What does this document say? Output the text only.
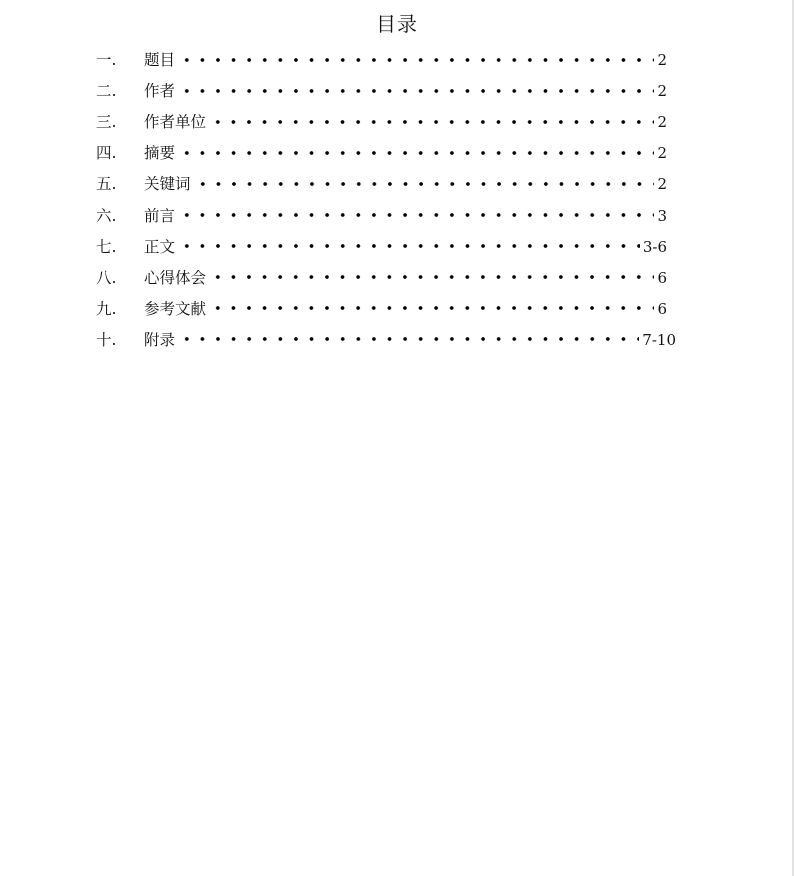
目录
一.	题目	2
二.	作者	2
三.	作者单位	2
四.	摘要	2
五.	关键词	2
六.	前言	3
七.	正文	3-6
八.	心得体会	6
九.	参考文献	6
十.	附录	7-10
